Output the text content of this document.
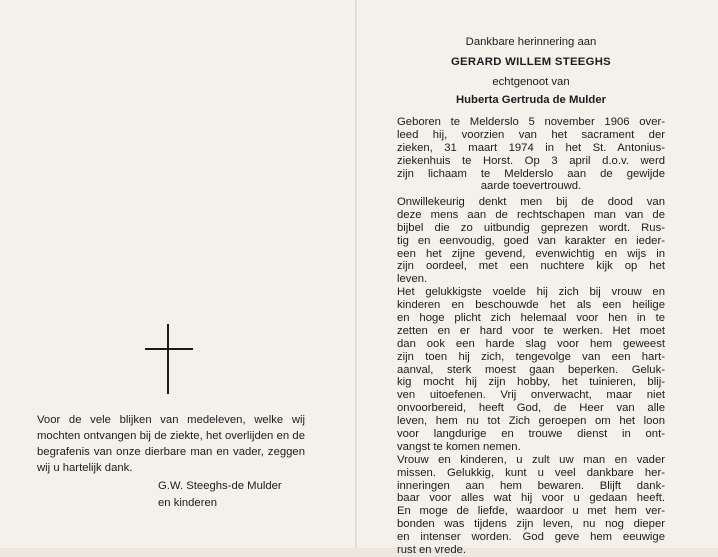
Voor de vele blijken van medeleven, welke wij mochten ontvangen bij de ziekte, het overlijden en de begrafenis van onze dierbare man en vader, zeggen wij u hartelijk dank.
G.W. Steeghs-de Mulder
en kinderen
Dankbare herinnering aan
GERARD WILLEM STEEGHS
echtgenoot van
Huberta Gertruda de Mulder
Geboren te Melderslo 5 november 1906 over-
leed hij, voorzien van het sacrament der
zieken, 31 maart 1974 in het St. Antonius-
ziekenhuis te Horst. Op 3 april d.o.v. werd
zijn lichaam te Melderslo aan de gewijde
aarde toevertrouwd.
Onwillekeurig denkt men bij de dood van
deze mens aan de rechtschapen man van de
bijbel die zo uitbundig geprezen wordt. Rus-
tig en eenvoudig, goed van karakter en ieder-
een het zijne gevend, evenwichtig en wijs in
zijn oordeel, met een nuchtere kijk op het
leven.
Het gelukkigste voelde hij zich bij vrouw en
kinderen en beschouwde het als een heilige
en hoge plicht zich helemaal voor hen in te
zetten en er hard voor te werken. Het moet
dan ook een harde slag voor hem geweest
zijn toen hij zich, tengevolge van een hart-
aanval, sterk moest gaan beperken. Geluk-
kig mocht hij zijn hobby, het tuinieren, blij-
ven uitoefenen. Vrij onverwacht, maar niet
onvoorbereid, heeft God, de Heer van alle
leven, hem nu tot Zich geroepen om het loon
voor langdurige en trouwe dienst in ont-
vangst te komen nemen.
Vrouw en kinderen, u zult uw man en vader
missen. Gelukkig, kunt u veel dankbare her-
inneringen aan hem bewaren. Blijft dank-
baar voor alles wat hij voor u gedaan heeft.
En moge de liefde, waardoor u met hem ver-
bonden was tijdens zijn leven, nu nog dieper
en intenser worden. God geve hem eeuwige
rust en vrede.
